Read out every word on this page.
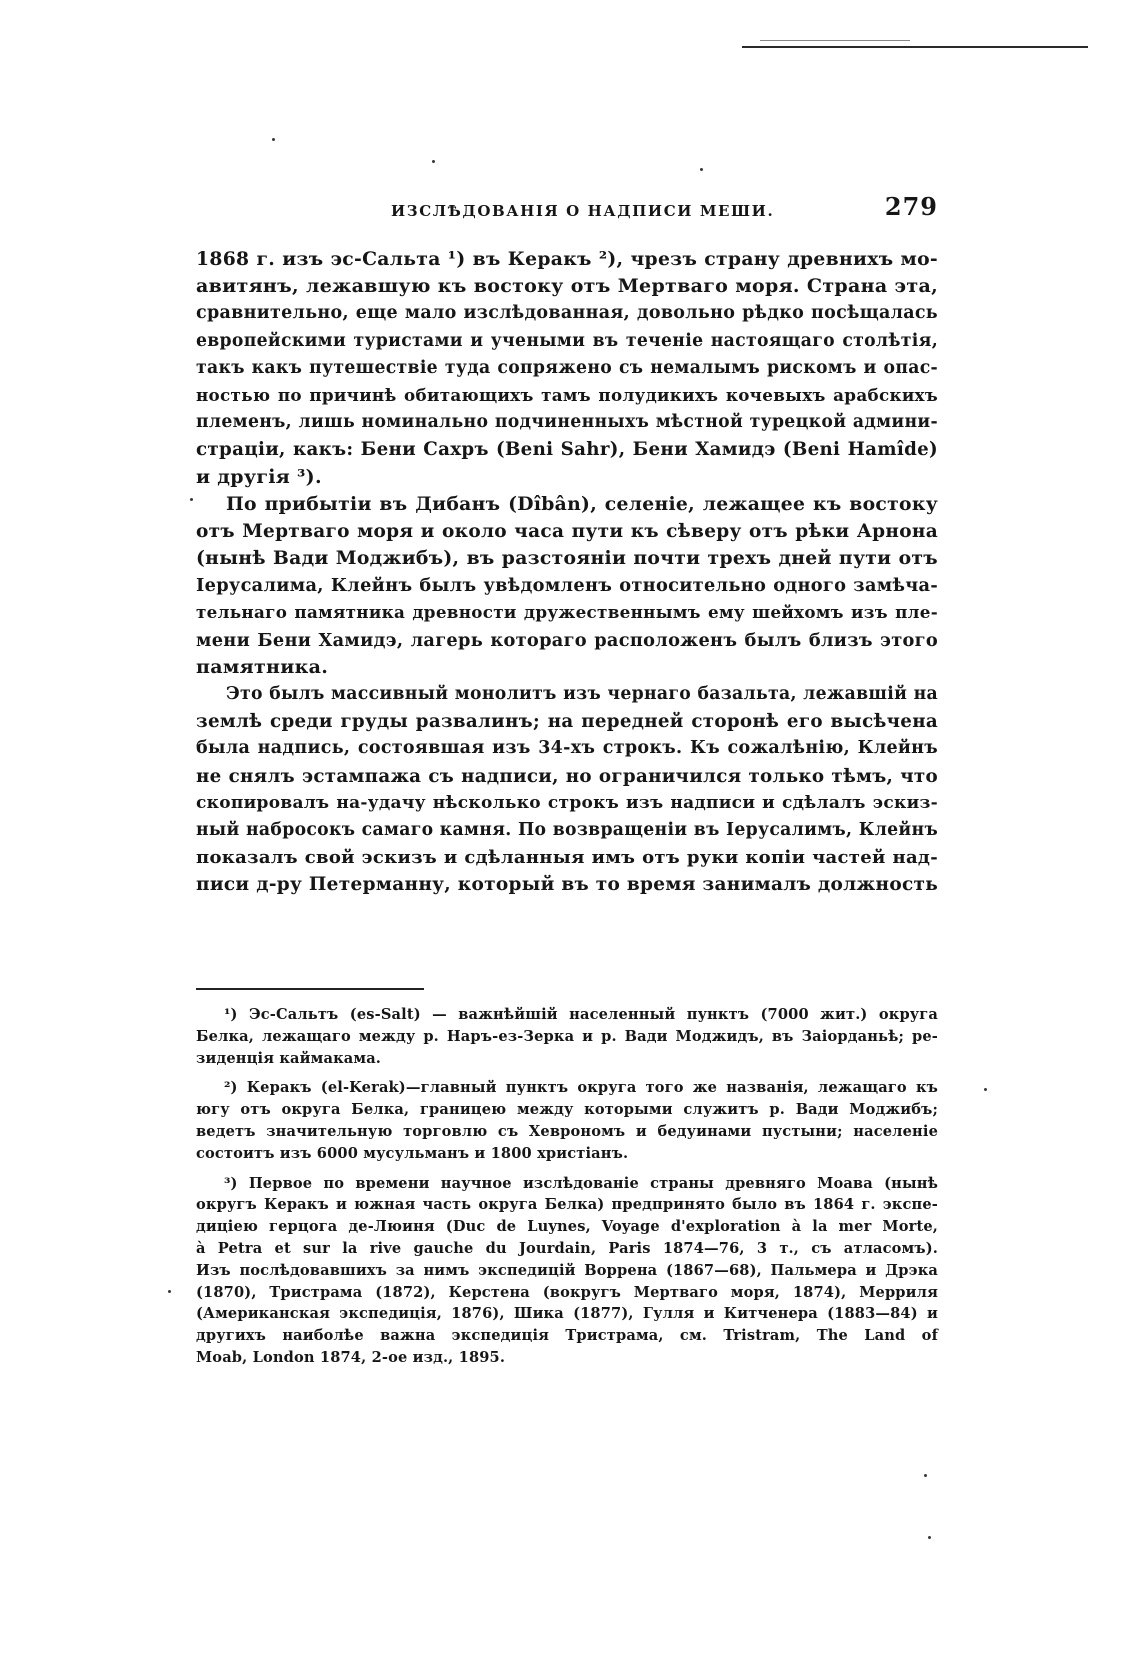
ИЗСЛѢДОВАНІЯ О НАДПИСИ МЕШИ.	279
1868 г. изъ эс-Сальта ¹) въ Керакъ ²), чрезъ страну древнихъ мо-
авитянъ, лежавшую къ востоку отъ Мертваго моря. Страна эта,
сравнительно, еще мало изслѣдованная, довольно рѣдко посѣщалась
европейскими туристами и учеными въ теченіе настоящаго столѣтія,
такъ какъ путешествіе туда сопряжено съ немалымъ рискомъ и опас-
ностью по причинѣ обитающихъ тамъ полудикихъ кочевыхъ арабскихъ
племенъ, лишь номинально подчиненныхъ мѣстной турецкой админи-
страціи, какъ: Бени Сахръ (Beni Sahr), Бени Хамидэ (Beni Hamîde)
и другія ³).
По прибытіи въ Дибанъ (Dîbân), селеніе, лежащее къ востоку
отъ Мертваго моря и около часа пути къ сѣверу отъ рѣки Арнона
(нынѣ Вади Моджибъ), въ разстояніи почти трехъ дней пути отъ
Іерусалима, Клейнъ былъ увѣдомленъ относительно одного замѣча-
тельнаго памятника древности дружественнымъ ему шейхомъ изъ пле-
мени Бени Хамидэ, лагерь котораго расположенъ былъ близъ этого
памятника.
Это былъ массивный монолитъ изъ чернаго базальта, лежавшій на
землѣ среди груды развалинъ; на передней сторонѣ его высѣчена
была надпись, состоявшая изъ 34-хъ строкъ. Къ сожалѣнію, Клейнъ
не снялъ эстампажа съ надписи, но ограничился только тѣмъ, что
скопировалъ на-удачу нѣсколько строкъ изъ надписи и сдѣлалъ эскиз-
ный набросокъ самаго камня. По возвращеніи въ Іерусалимъ, Клейнъ
показалъ свой эскизъ и сдѣланныя имъ отъ руки копіи частей над-
писи д-ру Петерманну, который въ то время занималъ должность
¹) Эс-Сальтъ (es-Salt) — важнѣйшій населенный пунктъ (7000 жит.) округа
Белка, лежащаго между р. Наръ-ез-Зерка и р. Вади Моджидъ, въ Заіорданьѣ; ре-
зиденція каймакама.
²) Керакъ (el-Kerak)—главный пунктъ округа того же названія, лежащаго къ
югу отъ округа Белка, границею между которыми служитъ р. Вади Моджибъ;
ведетъ значительную торговлю съ Хеврономъ и бедуинами пустыни; населеніе
состоитъ изъ 6000 мусульманъ и 1800 христіанъ.
³) Первое по времени научное изслѣдованіе страны древняго Моава (нынѣ
округъ Керакъ и южная часть округа Белка) предпринято было въ 1864 г. экспе-
диціею герцога де-Люиня (Duc de Luynes, Voyage d'exploration à la mer Morte,
à Petra et sur la rive gauche du Jourdain, Paris 1874—76, 3 т., съ атласомъ).
Изъ послѣдовавшихъ за нимъ экспедицій Воррена (1867—68), Пальмера и Дрэка
(1870), Тристрама (1872), Керстена (вокругъ Мертваго моря, 1874), Мерриля
(Американская экспедиція, 1876), Шика (1877), Гулля и Китченера (1883—84) и
другихъ наиболѣе важна экспедиція Тристрама, см. Tristram, The Land of
Moab, London 1874, 2-ое изд., 1895.
